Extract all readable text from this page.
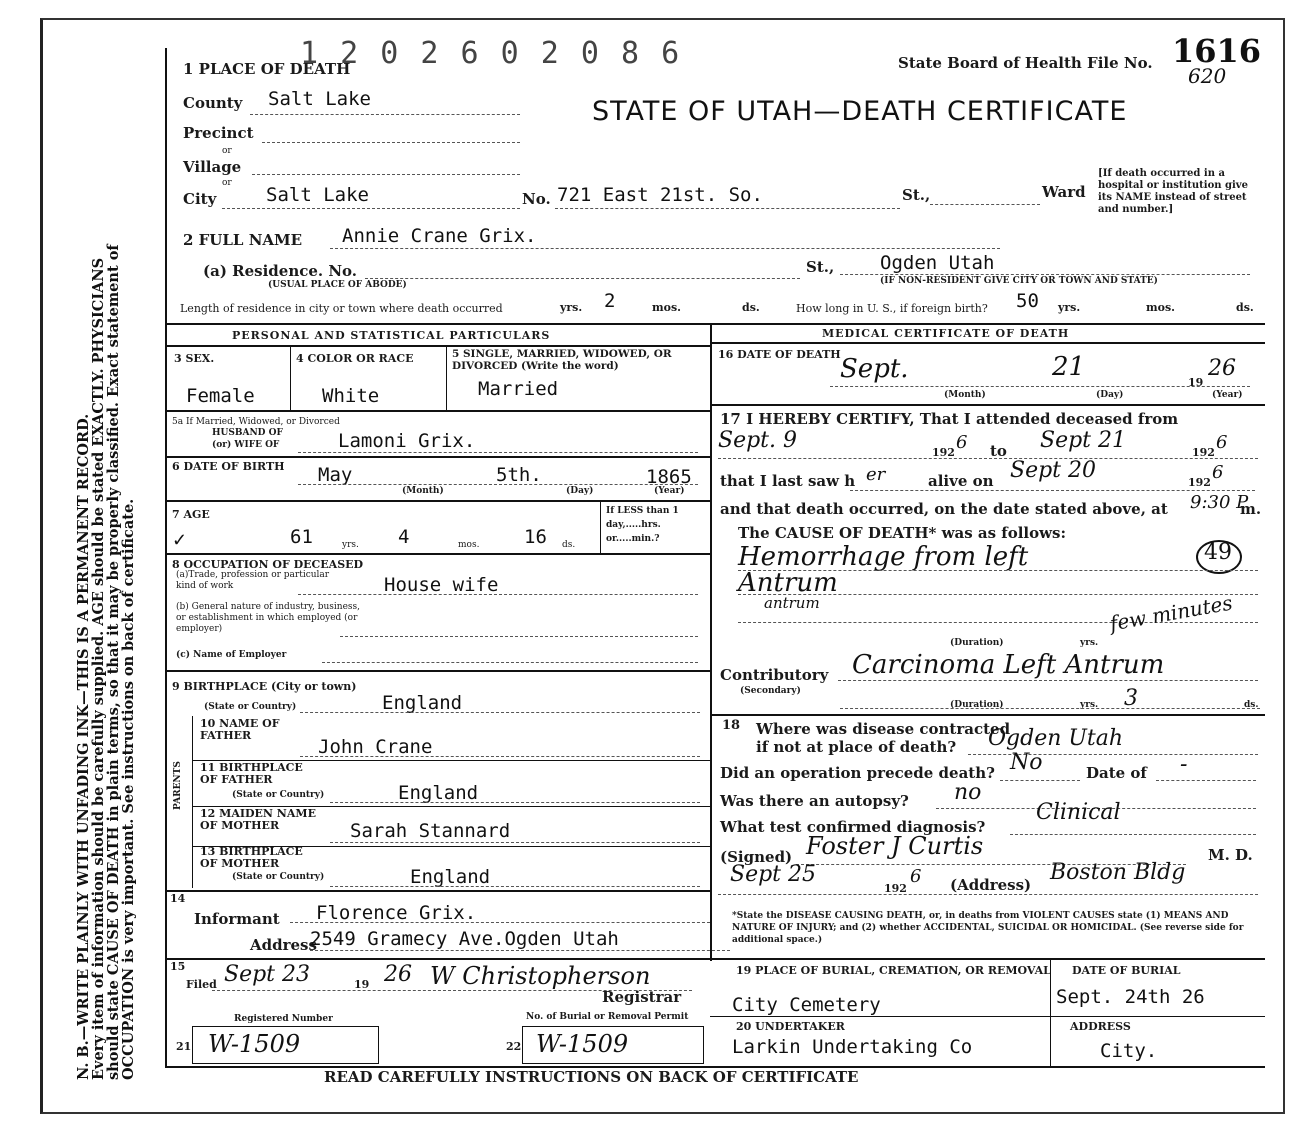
N. B.—WRITE PLAINLY WITH UNFADING INK—THIS IS A PERMANENT RECORD.
Every item of information should be carefully supplied. AGE should be stated EXACTLY. PHYSICIANS
should state CAUSE OF DEATH in plain terms, so that it may be properly classified. Exact statement of
OCCUPATION is very important. See instructions on back of certificate.
1 2 0 2 6 0 2 0 8 6	State Board of Health File No. 1616
620
STATE OF UTAH—DEATH CERTIFICATE
1 PLACE OF DEATH
County Salt Lake
Precinct
or
Village
or
City	Salt Lake	No. 721 East 21st. So.	St.,	Ward
[If death occurred in a hospital or institution give its NAME instead of street and number.]
2 FULL NAME Annie Crane Grix.
(a) Residence. No.
(USUAL PLACE OF ABODE)
St., Ogden Utah
(IF NON-RESIDENT GIVE CITY OR TOWN AND STATE)
Length of residence in city or town where death occurred	yrs. 2	mos.	ds.	How long in U. S., if foreign birth? 50 yrs.	mos.	ds.
PERSONAL AND STATISTICAL PARTICULARS
3 SEX.
Female
4 COLOR OR RACE
White
5 SINGLE, MARRIED, WIDOWED, OR DIVORCED (Write the word)
Married
5a If Married, Widowed, or Divorced
HUSBAND OF
(or) WIFE OF	Lamoni Grix.
6 DATE OF BIRTH May	5th.	1865
(Month)	(Day)	(Year)
7 AGE
✓	61	yrs. 4	mos. 16 ds.
If LESS than 1 day,.....hrs. or.....min.?
8 OCCUPATION OF DECEASED
(a)Trade, profession or particular kind of work	House wife
(b) General nature of industry, business, or establishment in which employed (or employer)
(c) Name of Employer
9 BIRTHPLACE (City or town)
(State or Country)	England
PARENTS
10 NAME OF FATHER
John Crane
11 BIRTHPLACE OF FATHER
(State or Country)	England
12 MAIDEN NAME OF MOTHER	Sarah Stannard
13 BIRTHPLACE OF MOTHER
(State or Country)	England
14
Informant Florence Grix.
Address
2549 Gramecy Ave.Ogden Utah
15
Filed Sept 23	19 26 W Christopherson
Registrar
Registered Number
21 W-1509
No. of Burial or Removal Permit
22 W-1509
MEDICAL CERTIFICATE OF DEATH
16 DATE OF DEATH Sept.	21
19
26
(Month)	(Day)	(Year)
17 I HEREBY CERTIFY, That I attended deceased from
Sept. 9	192 6 to Sept 21	192 6
that I last saw h er	alive on Sept 20	192 6
and that death occurred, on the date stated above, at 9:30 P
m.
The CAUSE OF DEATH* was as follows:
Hemorrhage from left	49
Antrum
antrum
(Duration)	yrs.
few minutes
Contributory
(Secondary)
Carcinoma Left Antrum
(Duration)	yrs. 3	ds.
18 Where was disease contracted
if not at place of death? Ogden Utah
Did an operation precede death? No	Date of -
Was there an autopsy? no
What test confirmed diagnosis?
Clinical
(Signed) Foster J Curtis	M. D.
Sept 25
192
6 (Address) Boston Bldg
*State the DISEASE CAUSING DEATH, or, in deaths from VIOLENT CAUSES state (1) MEANS AND NATURE OF INJURY; and (2) whether ACCIDENTAL, SUICIDAL OR HOMICIDAL. (See reverse side for additional space.)
19 PLACE OF BURIAL, CREMATION, OR REMOVAL
City Cemetery
DATE OF BURIAL
Sept. 24th 26
20 UNDERTAKER
Larkin Undertaking Co
ADDRESS
City.
READ CAREFULLY INSTRUCTIONS ON BACK OF CERTIFICATE
